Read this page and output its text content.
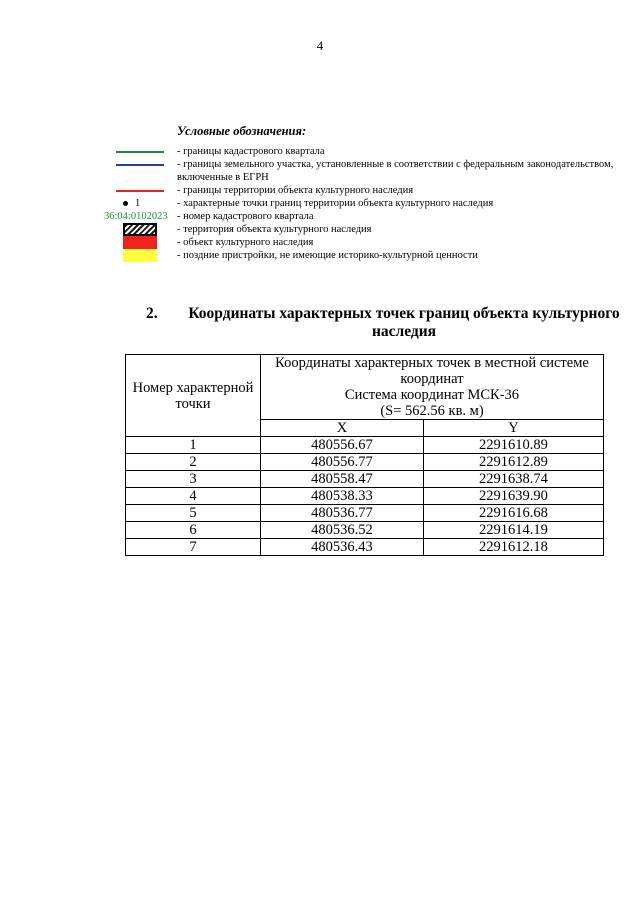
4
Условные обозначения:
- границы кадастрового квартала
- границы земельного участка, установленные в соответствии с федеральным законодательством, включенные в ЕГРН
- границы территории объекта культурного наследия
1	- характерные точки границ территории объекта культурного наследия
36:04:0102023 - номер кадастрового квартала
- территория объекта культурного наследия
- объект культурного наследия
- поздние пристройки, не имеющие историко-культурной ценности
2. Координаты характерных точек границ объекта культурного наследия
Номер характерной точки	Координаты характерных точек в местной системе координат
Система координат МСК-36
(S= 562.56 кв. м)	

	X	Y
1	480556.67	2291610.89
2	480556.77	2291612.89
3	480558.47	2291638.74
4	480538.33	2291639.90
5	480536.77	2291616.68
6	480536.52	2291614.19
7	480536.43	2291612.18
